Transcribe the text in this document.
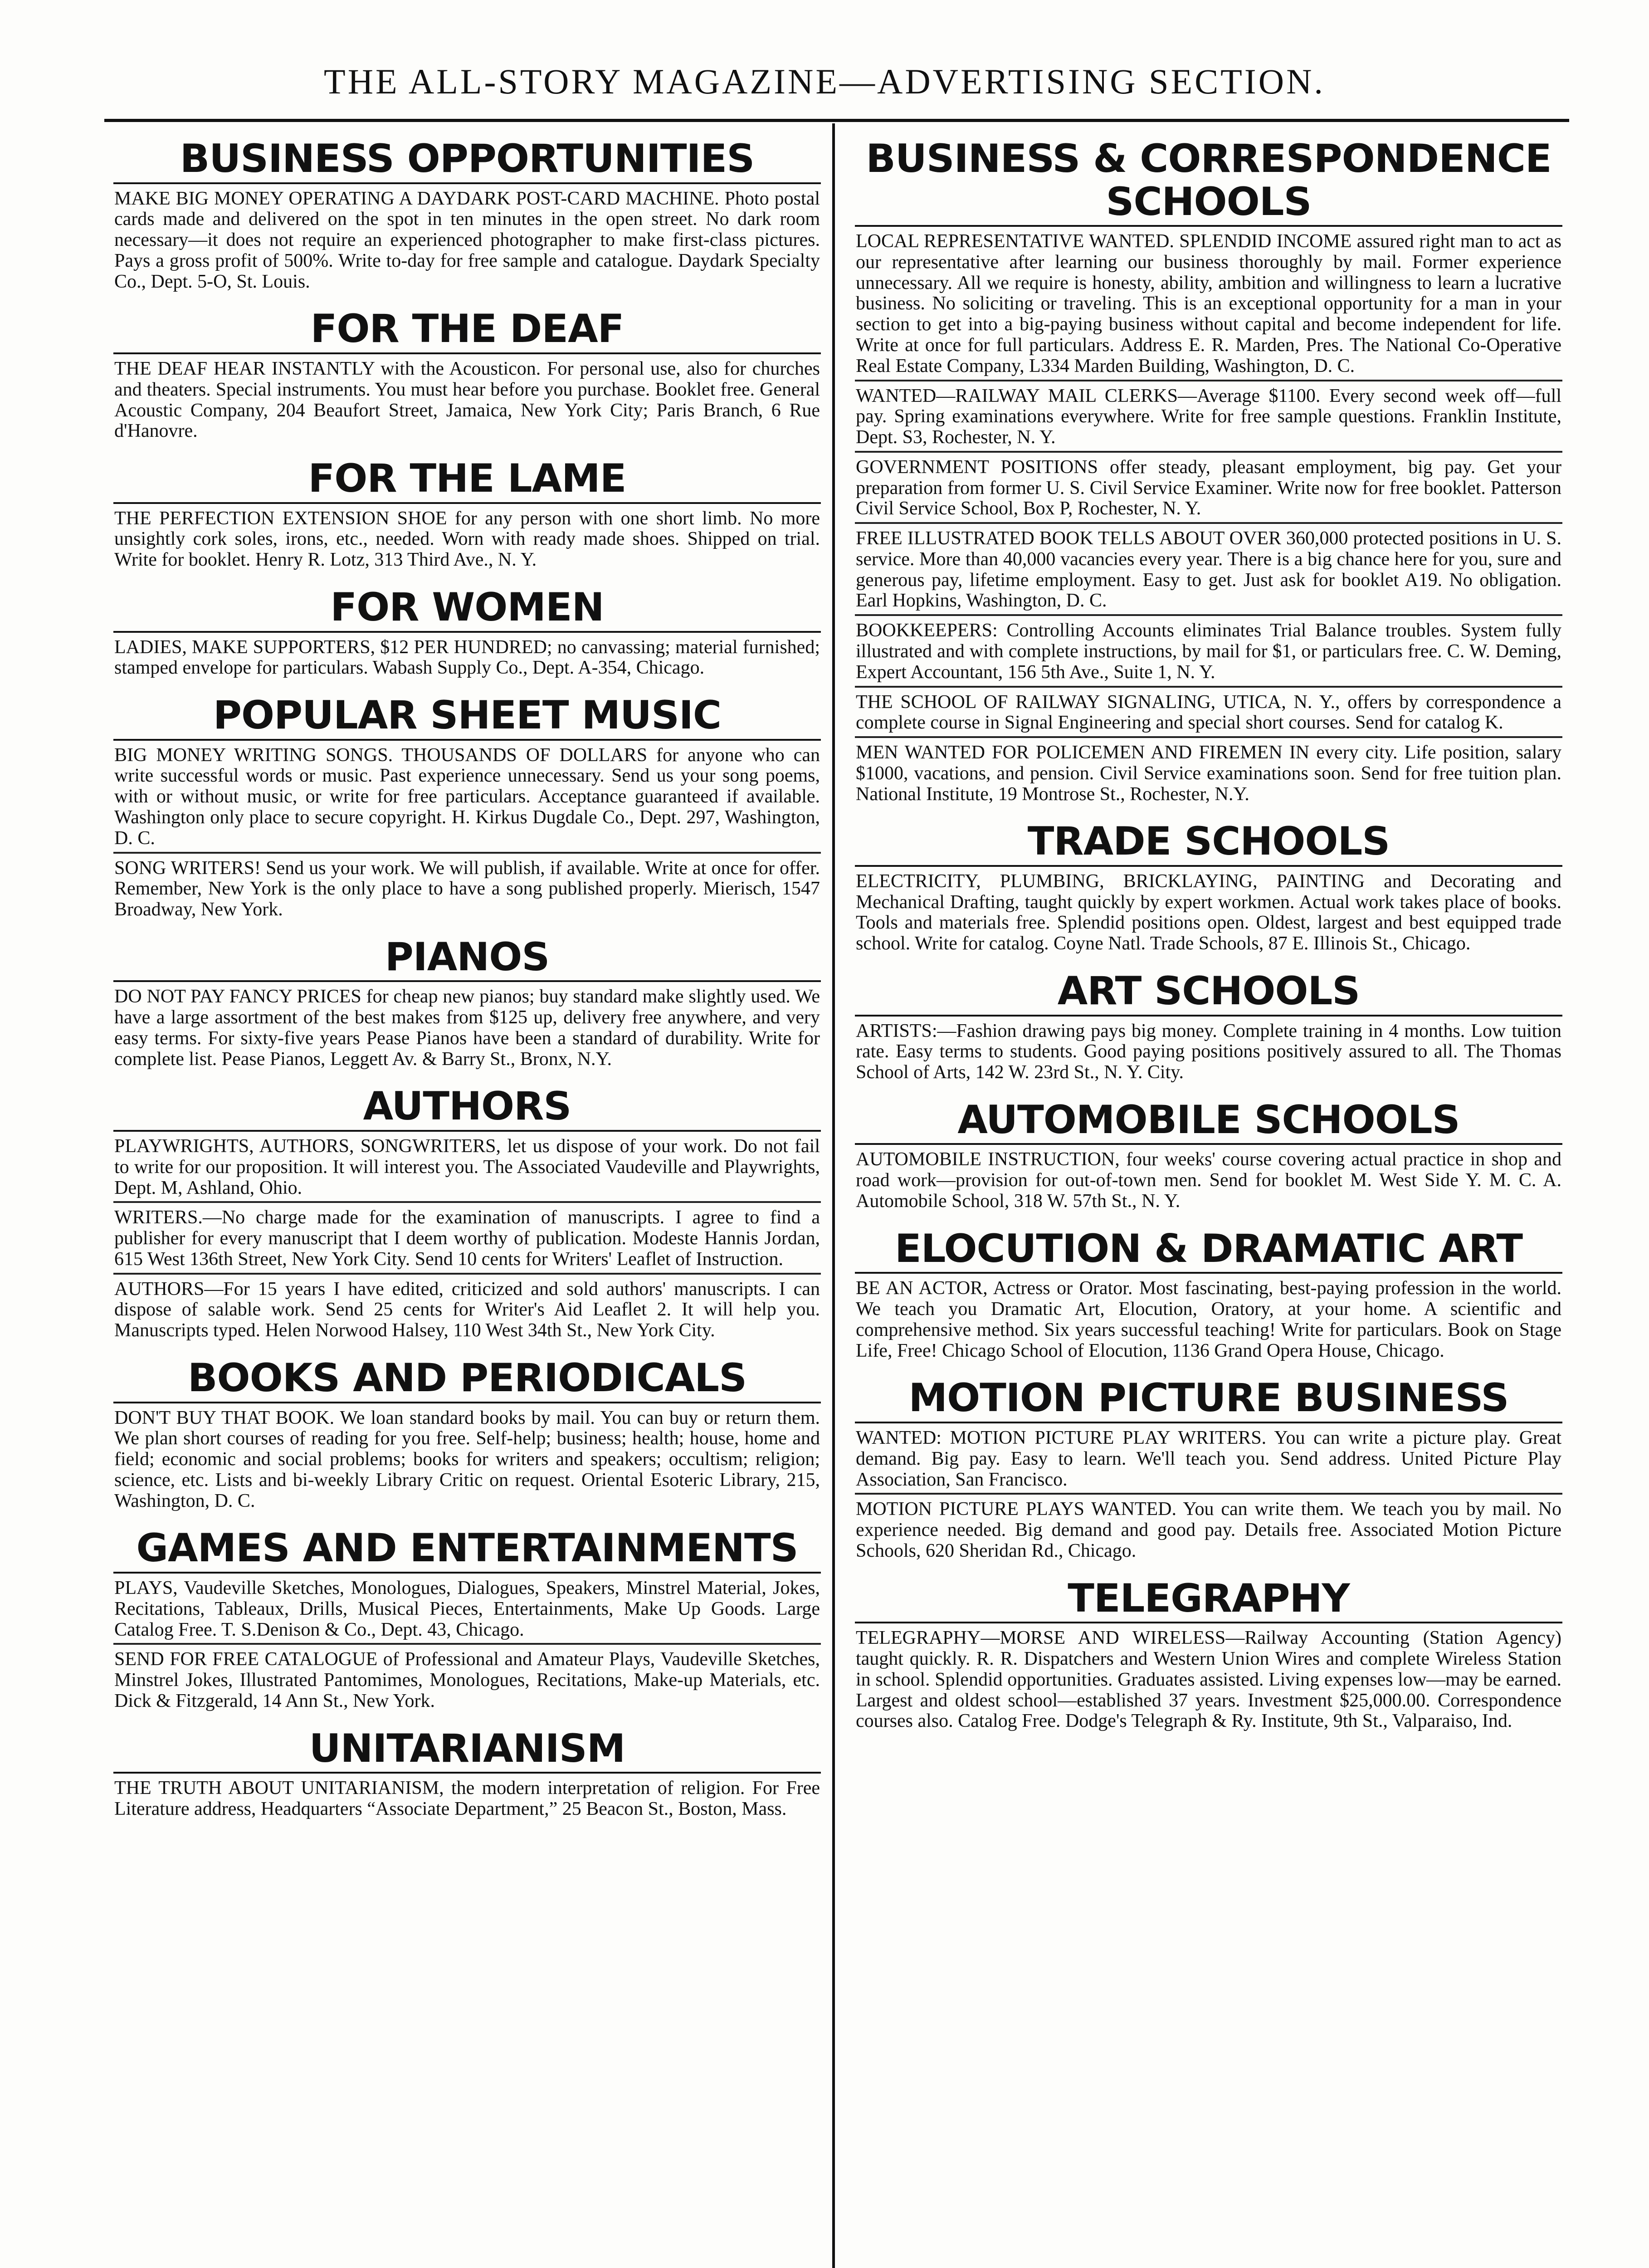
THE ALL-STORY MAGAZINE—ADVERTISING SECTION.
BUSINESS OPPORTUNITIES
MAKE BIG MONEY OPERATING A DAYDARK POST-CARD MACHINE. Photo postal cards made and delivered on the spot in ten minutes in the open street. No dark room necessary—it does not require an experienced photographer to make first-class pictures. Pays a gross profit of 500%. Write to-day for free sample and catalogue. Daydark Specialty Co., Dept. 5-O, St. Louis.
FOR THE DEAF
THE DEAF HEAR INSTANTLY with the Acousticon. For personal use, also for churches and theaters. Special instruments. You must hear before you purchase. Booklet free. General Acoustic Company, 204 Beaufort Street, Jamaica, New York City; Paris Branch, 6 Rue d'Hanovre.
FOR THE LAME
THE PERFECTION EXTENSION SHOE for any person with one short limb. No more unsightly cork soles, irons, etc., needed. Worn with ready made shoes. Shipped on trial. Write for booklet. Henry R. Lotz, 313 Third Ave., N. Y.
FOR WOMEN
LADIES, MAKE SUPPORTERS, $12 PER HUNDRED; no canvassing; material furnished; stamped envelope for particulars. Wabash Supply Co., Dept. A-354, Chicago.
POPULAR SHEET MUSIC
BIG MONEY WRITING SONGS. THOUSANDS OF DOLLARS for anyone who can write successful words or music. Past experience unnecessary. Send us your song poems, with or without music, or write for free particulars. Acceptance guaranteed if available. Washington only place to secure copyright. H. Kirkus Dugdale Co., Dept. 297, Washington, D. C.
SONG WRITERS! Send us your work. We will publish, if available. Write at once for offer. Remember, New York is the only place to have a song published properly. Mierisch, 1547 Broadway, New York.
PIANOS
DO NOT PAY FANCY PRICES for cheap new pianos; buy standard make slightly used. We have a large assortment of the best makes from $125 up, delivery free anywhere, and very easy terms. For sixty-five years Pease Pianos have been a standard of durability. Write for complete list. Pease Pianos, Leggett Av. & Barry St., Bronx, N.Y.
AUTHORS
PLAYWRIGHTS, AUTHORS, SONGWRITERS, let us dispose of your work. Do not fail to write for our proposition. It will interest you. The Associated Vaudeville and Playwrights, Dept. M, Ashland, Ohio.
WRITERS.—No charge made for the examination of manuscripts. I agree to find a publisher for every manuscript that I deem worthy of publication. Modeste Hannis Jordan, 615 West 136th Street, New York City. Send 10 cents for Writers' Leaflet of Instruction.
AUTHORS—For 15 years I have edited, criticized and sold authors' manuscripts. I can dispose of salable work. Send 25 cents for Writer's Aid Leaflet 2. It will help you. Manuscripts typed. Helen Norwood Halsey, 110 West 34th St., New York City.
BOOKS AND PERIODICALS
DON'T BUY THAT BOOK. We loan standard books by mail. You can buy or return them. We plan short courses of reading for you free. Self-help; business; health; house, home and field; economic and social problems; books for writers and speakers; occultism; religion; science, etc. Lists and bi-weekly Library Critic on request. Oriental Esoteric Library, 215, Washington, D. C.
GAMES AND ENTERTAINMENTS
PLAYS, Vaudeville Sketches, Monologues, Dialogues, Speakers, Minstrel Material, Jokes, Recitations, Tableaux, Drills, Musical Pieces, Entertainments, Make Up Goods. Large Catalog Free. T. S.Denison & Co., Dept. 43, Chicago.
SEND FOR FREE CATALOGUE of Professional and Amateur Plays, Vaudeville Sketches, Minstrel Jokes, Illustrated Pantomimes, Monologues, Recitations, Make-up Materials, etc. Dick & Fitzgerald, 14 Ann St., New York.
UNITARIANISM
THE TRUTH ABOUT UNITARIANISM, the modern interpretation of religion. For Free Literature address, Headquarters “Associate Department,” 25 Beacon St., Boston, Mass.
BUSINESS & CORRESPONDENCE SCHOOLS
LOCAL REPRESENTATIVE WANTED. SPLENDID INCOME assured right man to act as our representative after learning our business thoroughly by mail. Former experience unnecessary. All we require is honesty, ability, ambition and willingness to learn a lucrative business. No soliciting or traveling. This is an exceptional opportunity for a man in your section to get into a big-paying business without capital and become independent for life. Write at once for full particulars. Address E. R. Marden, Pres. The National Co-Operative Real Estate Company, L334 Marden Building, Washington, D. C.
WANTED—RAILWAY MAIL CLERKS—Average $1100. Every second week off—full pay. Spring examinations everywhere. Write for free sample questions. Franklin Institute, Dept. S3, Rochester, N. Y.
GOVERNMENT POSITIONS offer steady, pleasant employment, big pay. Get your preparation from former U. S. Civil Service Examiner. Write now for free booklet. Patterson Civil Service School, Box P, Rochester, N. Y.
FREE ILLUSTRATED BOOK TELLS ABOUT OVER 360,000 protected positions in U. S. service. More than 40,000 vacancies every year. There is a big chance here for you, sure and generous pay, lifetime employment. Easy to get. Just ask for booklet A19. No obligation. Earl Hopkins, Washington, D. C.
BOOKKEEPERS: Controlling Accounts eliminates Trial Balance troubles. System fully illustrated and with complete instructions, by mail for $1, or particulars free. C. W. Deming, Expert Accountant, 156 5th Ave., Suite 1, N. Y.
THE SCHOOL OF RAILWAY SIGNALING, UTICA, N. Y., offers by correspondence a complete course in Signal Engineering and special short courses. Send for catalog K.
MEN WANTED FOR POLICEMEN AND FIREMEN IN every city. Life position, salary $1000, vacations, and pension. Civil Service examinations soon. Send for free tuition plan. National Institute, 19 Montrose St., Rochester, N.Y.
TRADE SCHOOLS
ELECTRICITY, PLUMBING, BRICKLAYING, PAINTING and Decorating and Mechanical Drafting, taught quickly by expert workmen. Actual work takes place of books. Tools and materials free. Splendid positions open. Oldest, largest and best equipped trade school. Write for catalog. Coyne Natl. Trade Schools, 87 E. Illinois St., Chicago.
ART SCHOOLS
ARTISTS:—Fashion drawing pays big money. Complete training in 4 months. Low tuition rate. Easy terms to students. Good paying positions positively assured to all. The Thomas School of Arts, 142 W. 23rd St., N. Y. City.
AUTOMOBILE SCHOOLS
AUTOMOBILE INSTRUCTION, four weeks' course covering actual practice in shop and road work—provision for out-of-town men. Send for booklet M. West Side Y. M. C. A. Automobile School, 318 W. 57th St., N. Y.
ELOCUTION & DRAMATIC ART
BE AN ACTOR, Actress or Orator. Most fascinating, best-paying profession in the world. We teach you Dramatic Art, Elocution, Oratory, at your home. A scientific and comprehensive method. Six years successful teaching! Write for particulars. Book on Stage Life, Free! Chicago School of Elocution, 1136 Grand Opera House, Chicago.
MOTION PICTURE BUSINESS
WANTED: MOTION PICTURE PLAY WRITERS. You can write a picture play. Great demand. Big pay. Easy to learn. We'll teach you. Send address. United Picture Play Association, San Francisco.
MOTION PICTURE PLAYS WANTED. You can write them. We teach you by mail. No experience needed. Big demand and good pay. Details free. Associated Motion Picture Schools, 620 Sheridan Rd., Chicago.
TELEGRAPHY
TELEGRAPHY—MORSE AND WIRELESS—Railway Accounting (Station Agency) taught quickly. R. R. Dispatchers and Western Union Wires and complete Wireless Station in school. Splendid opportunities. Graduates assisted. Living expenses low—may be earned. Largest and oldest school—established 37 years. Investment $25,000.00. Correspondence courses also. Catalog Free. Dodge's Telegraph & Ry. Institute, 9th St., Valparaiso, Ind.
